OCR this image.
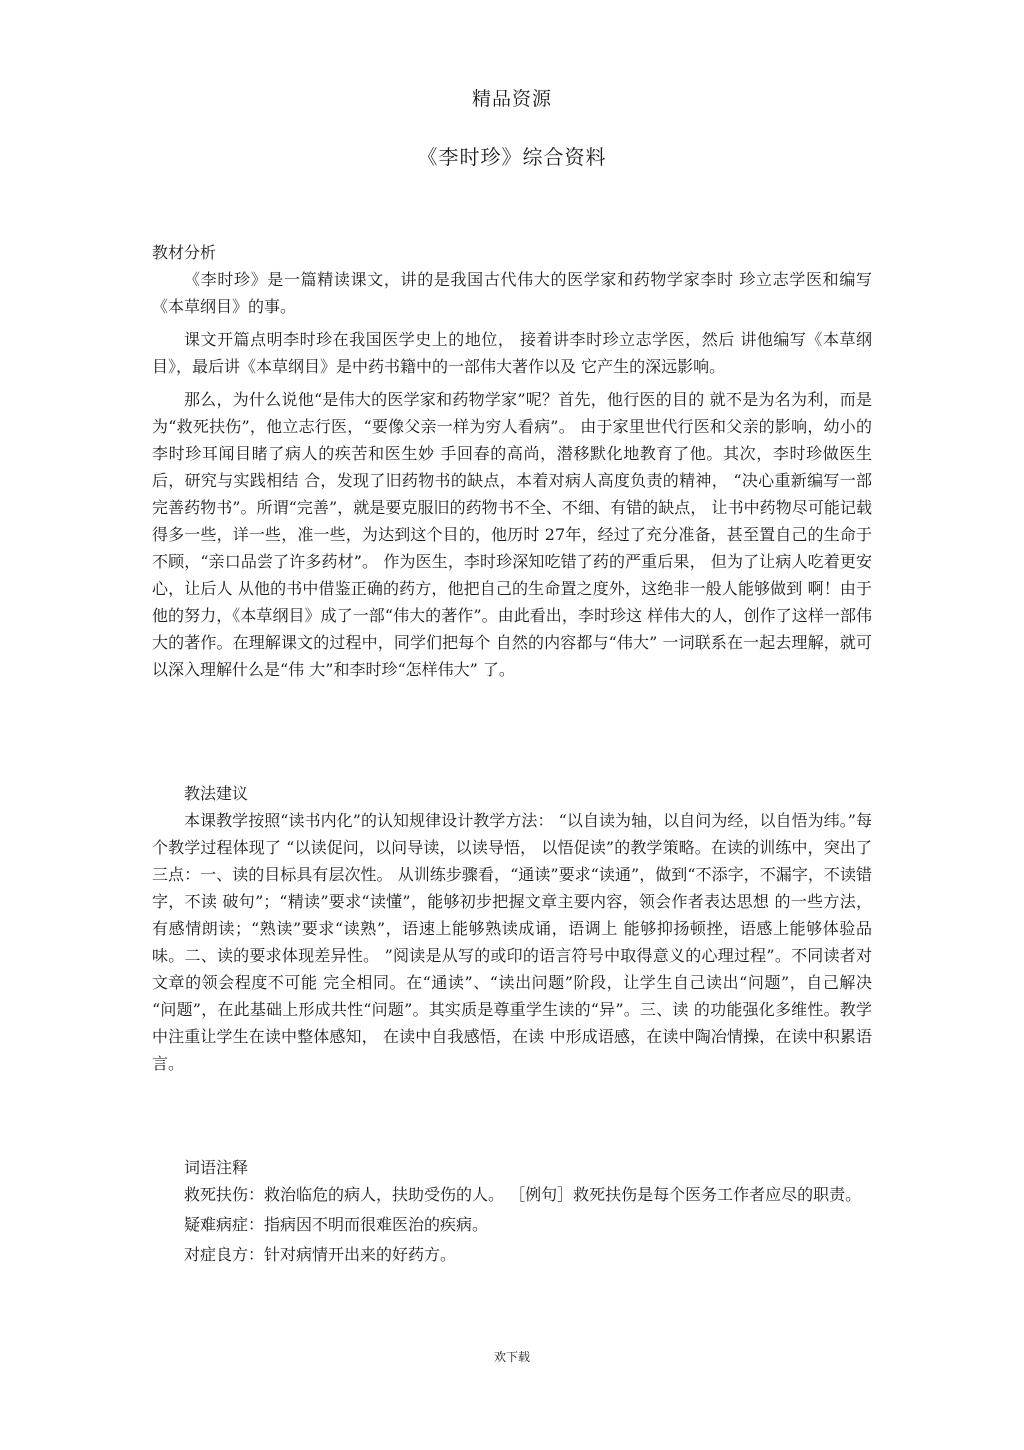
精品资源
《李时珍》综合资料
教材分析

《李时珍》是一篇精读课文，讲的是我国古代伟大的医学家和药物学家李时 珍立志学医和编写《本草纲目》的事。

课文开篇点明李时珍在我国医学史上的地位， 接着讲李时珍立志学医，然后 讲他编写《本草纲目》，最后讲《本草纲目》是中药书籍中的一部伟大著作以及 它产生的深远影响。

那么，为什么说他“是伟大的医学家和药物学家”呢？首先，他行医的目的 就不是为名为利，而是为“救死扶伤”，他立志行医，“要像父亲一样为穷人看病”。 由于家里世代行医和父亲的影响，幼小的李时珍耳闻目睹了病人的疾苦和医生妙 手回春的高尚，潜移默化地教育了他。其次，李时珍做医生后，研究与实践相结 合，发现了旧药物书的缺点，本着对病人高度负责的精神， “决心重新编写一部完善药物书”。所谓“完善”，就是要克服旧的药物书不全、不细、有错的缺点， 让书中药物尽可能记载得多一些，详一些，准一些，为达到这个目的，他历时 27年，经过了充分准备，甚至置自己的生命于不顾，“亲口品尝了许多药材”。 作为医生，李时珍深知吃错了药的严重后果， 但为了让病人吃着更安心，让后人 从他的书中借鉴正确的药方，他把自己的生命置之度外，这绝非一般人能够做到 啊！由于他的努力，《本草纲目》成了一部“伟大的著作”。由此看出，李时珍这 样伟大的人，创作了这样一部伟大的著作。在理解课文的过程中，同学们把每个 自然的内容都与“伟大” 一词联系在一起去理解，就可以深入理解什么是“伟 大”和李时珍“怎样伟大” 了。

教法建议

本课教学按照“读书内化”的认知规律设计教学方法： “以自读为轴，以自问为经，以自悟为纬。”每个教学过程体现了 “以读促问，以问导读，以读导悟， 以悟促读”的教学策略。在读的训练中，突出了三点：一、读的目标具有层次性。 从训练步骤看，“通读”要求“读通”，做到“不添字，不漏字，不读错字，不读 破句”；“精读”要求“读懂”，能够初步把握文章主要内容，领会作者表达思想 的一些方法，有感情朗读；“熟读”要求“读熟”，语速上能够熟读成诵，语调上 能够抑扬顿挫，语感上能够体验品味。二、读的要求体现差异性。 ”阅读是从写的或印的语言符号中取得意义的心理过程”。不同读者对文章的领会程度不可能 完全相同。在“通读”、“读出问题”阶段，让学生自己读出“问题”，自己解决 “问题”，在此基础上形成共性“问题”。其实质是尊重学生读的“异”。三、读 的功能强化多维性。教学中注重让学生在读中整体感知， 在读中自我感悟，在读 中形成语感，在读中陶冶情操，在读中积累语言。

词语注释

救死扶伤：救治临危的病人，扶助受伤的人。 ［例句］救死扶伤是每个医务工作者应尽的职责。

疑难病症：指病因不明而很难医治的疾病。

对症良方：针对病情开出来的好药方。

欢下载
